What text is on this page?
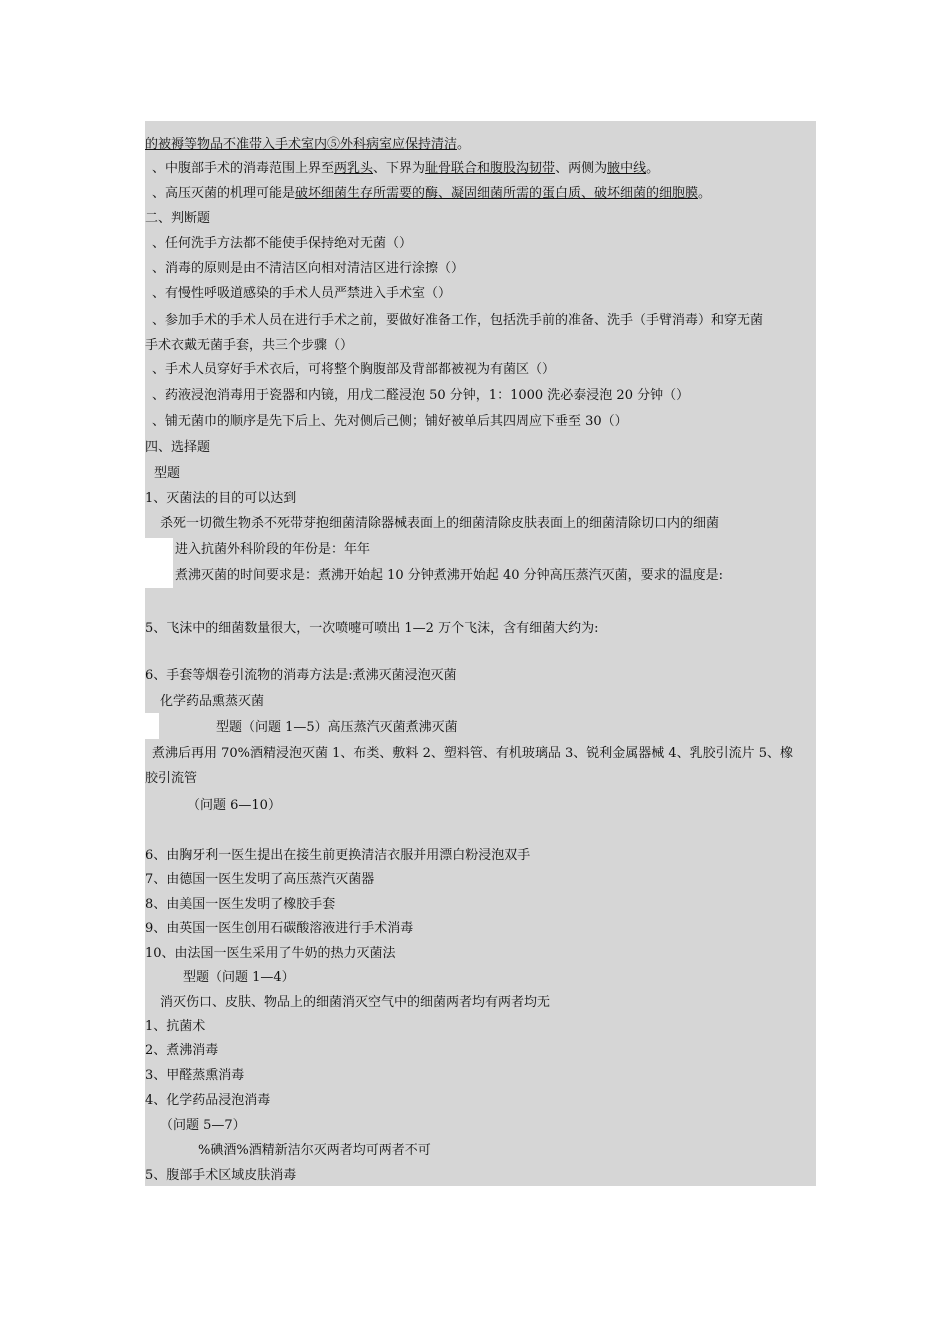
的被褥等物品不准带入手术室内⑤外科病室应保持清洁。
、中腹部手术的消毒范围上界至两乳头、下界为耻骨联合和腹股沟韧带、两侧为腋中线。
、高压灭菌的机理可能是破坏细菌生存所需要的酶、凝固细菌所需的蛋白质、破坏细菌的细胞膜。
二、判断题
、任何洗手方法都不能使手保持绝对无菌（）
、消毒的原则是由不清洁区向相对清洁区进行涂擦（）
、有慢性呼吸道感染的手术人员严禁进入手术室（）
、参加手术的手术人员在进行手术之前，要做好准备工作，包括洗手前的准备、洗手（手臂消毒）和穿无菌
手术衣戴无菌手套，共三个步骤（）
、手术人员穿好手术衣后，可将整个胸腹部及背部都被视为有菌区（）
、药液浸泡消毒用于瓷器和内镜，用戊二醛浸泡 50 分钟，1：1000 洗必泰浸泡 20 分钟（）
、铺无菌巾的顺序是先下后上、先对侧后己侧；铺好被单后其四周应下垂至 30（）
四、选择题
型题
1、灭菌法的目的可以达到
杀死一切微生物杀不死带芽抱细菌清除器械表面上的细菌清除皮肤表面上的细菌清除切口内的细菌
进入抗菌外科阶段的年份是：年年
煮沸灭菌的时间要求是：煮沸开始起 10 分钟煮沸开始起 40 分钟高压蒸汽灭菌，要求的温度是:
5、飞沫中的细菌数量很大，一次喷嚏可喷出 1—2 万个飞沫，含有细菌大约为:
6、手套等烟卷引流物的消毒方法是:煮沸灭菌浸泡灭菌
化学药品熏蒸灭菌
型题（问题 1—5）高压蒸汽灭菌煮沸灭菌
煮沸后再用 70%酒精浸泡灭菌 1、布类、敷料 2、塑料管、有机玻璃品 3、锐利金属器械 4、乳胶引流片 5、橡
胶引流管
（问题 6—10）
6、由胸牙利一医生提出在接生前更换清洁衣服并用漂白粉浸泡双手
7、由德国一医生发明了高压蒸汽灭菌器
8、由美国一医生发明了橡胶手套
9、由英国一医生创用石碳酸溶液进行手术消毒
10、由法国一医生采用了牛奶的热力灭菌法
型题（问题 1—4）
消灭伤口、皮肤、物品上的细菌消灭空气中的细菌两者均有两者均无
1、抗菌术
2、煮沸消毒
3、甲醛蒸熏消毒
4、化学药品浸泡消毒
（问题 5—7）
%碘酒%酒精新洁尔灭两者均可两者不可
5、腹部手术区域皮肤消毒
